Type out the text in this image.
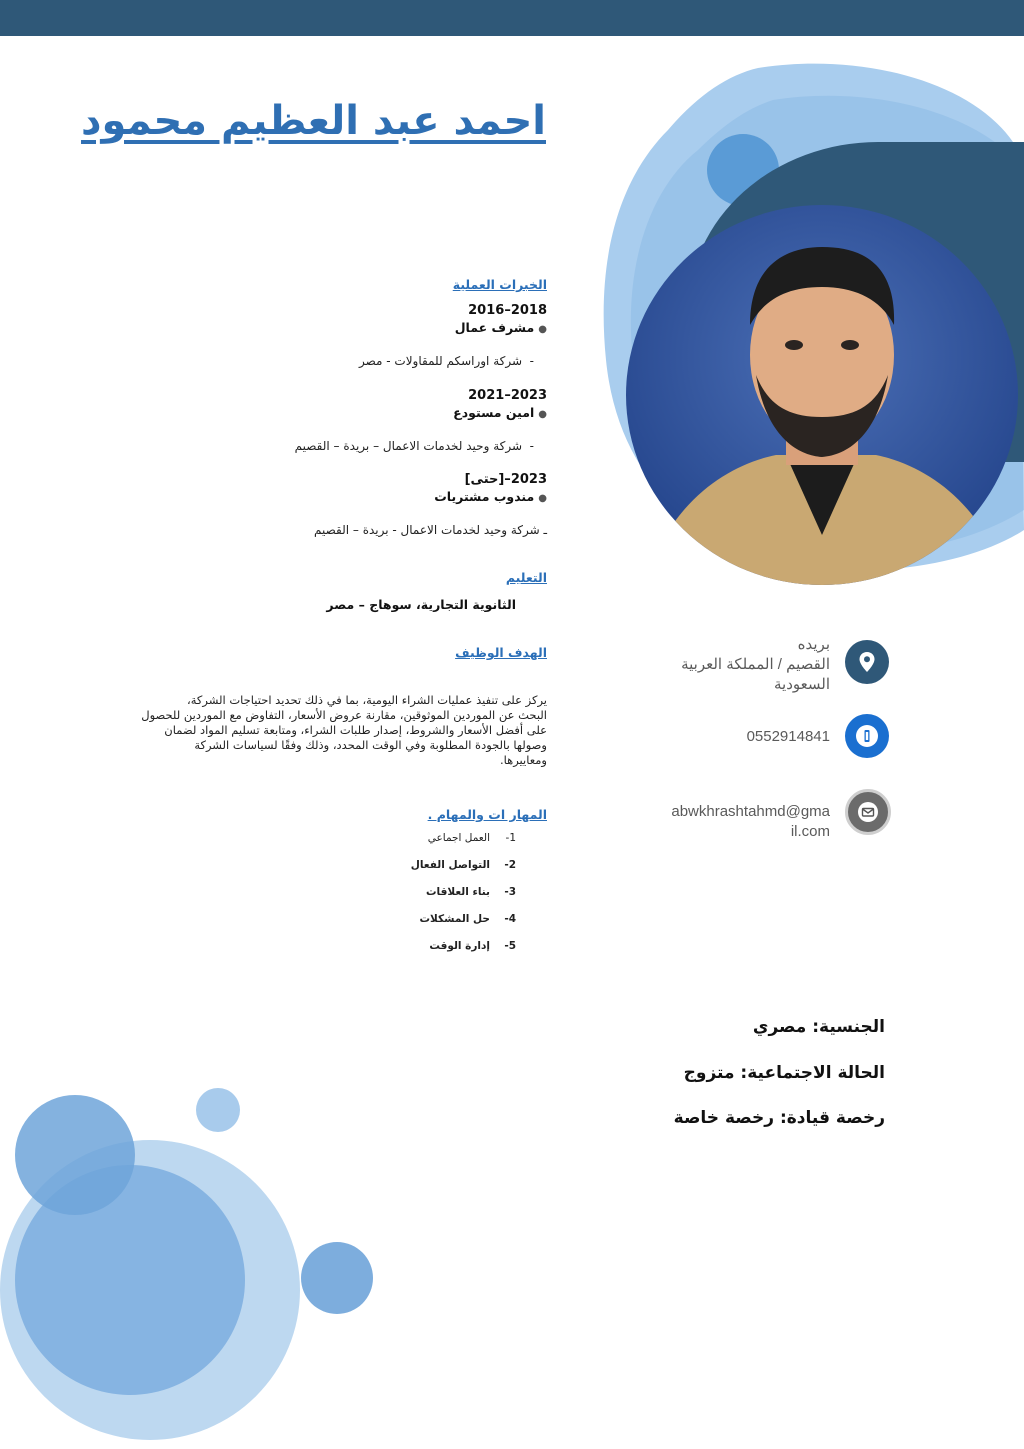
احمد عبد العظيم محمود
الخبرات العملية
2018–2016
●مشرف عمال
-  شركة اوراسكم للمقاولات - مصر
2023–2021
●امين مستودع
-  شركة وحيد لخدمات الاعمال – بريدة – القصيم
2023–[حتى]
●مندوب مشتريات
ـ شركة وحيد لخدمات الاعمال - بريدة – القصيم
التعليم
الثانوية التجارية، سوهاج – مصر
الهدف الوظيف
يركز على تنفيذ عمليات الشراء اليومية، بما في ذلك تحديد احتياجات الشركة،
البحث عن الموردين الموثوقين، مقارنة عروض الأسعار، التفاوض مع الموردين للحصول
على أفضل الأسعار والشروط، إصدار طلبات الشراء، ومتابعة تسليم المواد لضمان
وصولها بالجودة المطلوبة وفي الوقت المحدد، وذلك وفقًا لسياسات الشركة
ومعاييرها.
المهار ات والمهام .
1-العمل اجماعي
2-التواصل الفعال
3-بناء العلاقات
4-حل المشكلات
5-إدارة الوقت
بريده
القصيم / المملكة العربية
السعودية
0552914841
abwkhrashtahmd@gma
il.com
الجنسية: مصري
الحالة الاجتماعية: متزوج
رخصة قيادة: رخصة خاصة
